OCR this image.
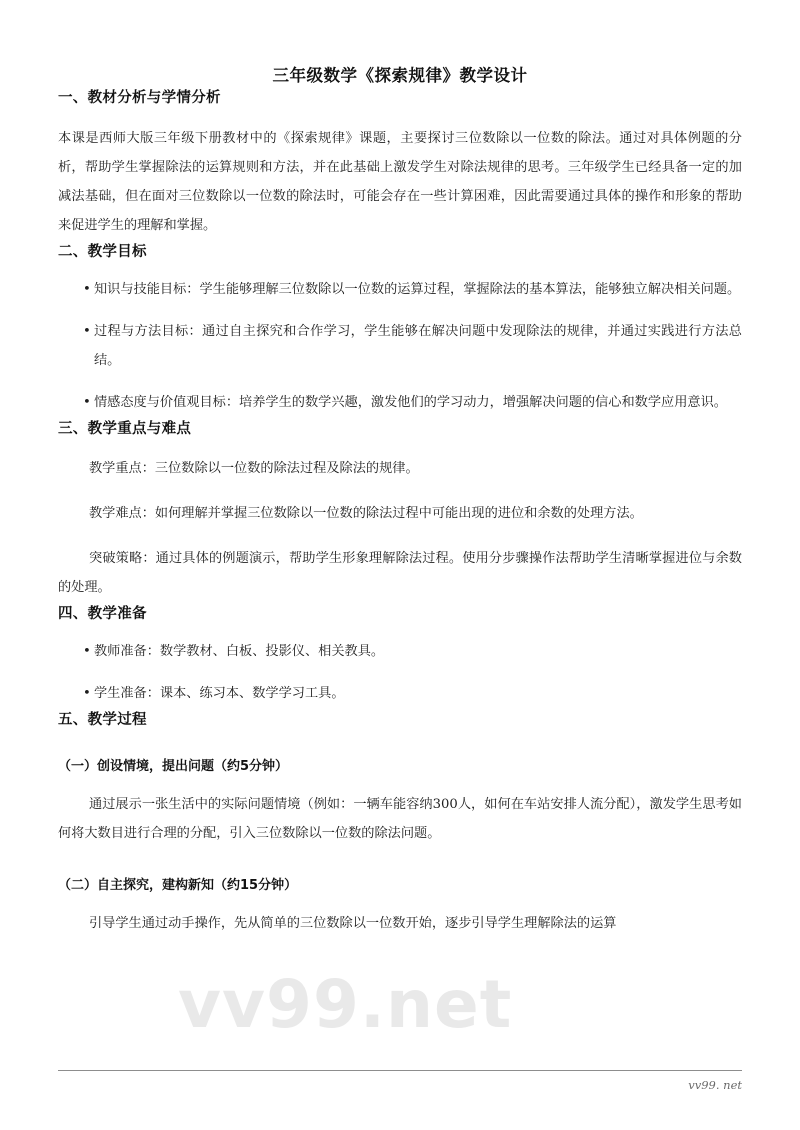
vv99.net
三年级数学《探索规律》教学设计
一、教材分析与学情分析

本课是西师大版三年级下册教材中的《探索规律》课题，主要探讨三位数除以一位数的除法。通过对具体例题的分析，帮助学生掌握除法的运算规则和方法，并在此基础上激发学生对除法规律的思考。三年级学生已经具备一定的加减法基础，但在面对三位数除以一位数的除法时，可能会存在一些计算困难，因此需要通过具体的操作和形象的帮助来促进学生的理解和掌握。

二、教学目标
• 知识与技能目标：学生能够理解三位数除以一位数的运算过程，掌握除法的基本算法，能够独立解决相关问题。
• 过程与方法目标：通过自主探究和合作学习，学生能够在解决问题中发现除法的规律，并通过实践进行方法总结。
• 情感态度与价值观目标：培养学生的数学兴趣，激发他们的学习动力，增强解决问题的信心和数学应用意识。
三、教学重点与难点

教学重点：三位数除以一位数的除法过程及除法的规律。

教学难点：如何理解并掌握三位数除以一位数的除法过程中可能出现的进位和余数的处理方法。

突破策略：通过具体的例题演示，帮助学生形象理解除法过程。使用分步骤操作法帮助学生清晰掌握进位与余数的处理。

四、教学准备
• 教师准备：数学教材、白板、投影仪、相关教具。
• 学生准备：课本、练习本、数学学习工具。
五、教学过程
（一）创设情境，提出问题（约5分钟）

通过展示一张生活中的实际问题情境（例如：一辆车能容纳300人，如何在车站安排人流分配），激发学生思考如何将大数目进行合理的分配，引入三位数除以一位数的除法问题。

（二）自主探究，建构新知（约15分钟）

引导学生通过动手操作，先从简单的三位数除以一位数开始，逐步引导学生理解除法的运算

vv99. net
